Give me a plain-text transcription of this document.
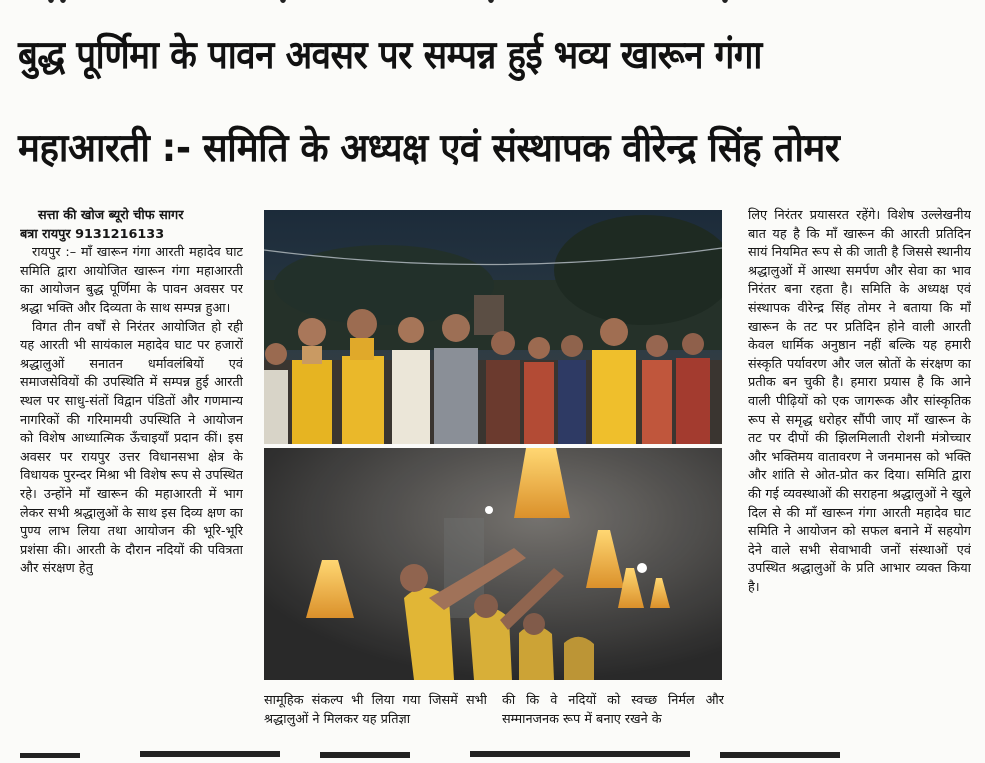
बुद्ध पूर्णिमा के पावन अवसर पर सम्पन्न हुई भव्य खारून गंगा
महाआरती :- समिति के अध्यक्ष एवं संस्थापक वीरेन्द्र सिंह तोमर

सत्ता की खोज ब्यूरो चीफ सागर

बत्रा रायपुर 9131216133

रायपुर :– माँ खारून गंगा आरती महादेव घाट समिति द्वारा आयोजित खारून गंगा महाआरती का आयोजन बुद्ध पूर्णिमा के पावन अवसर पर श्रद्धा भक्ति और दिव्यता के साथ सम्पन्न हुआ।

विगत तीन वर्षों से निरंतर आयोजित हो रही यह आरती भी सायंकाल महादेव घाट पर हजारों श्रद्धालुओं सनातन धर्मावलंबियों एवं समाजसेवियों की उपस्थिति में सम्पन्न हुई आरती स्थल पर साधु-संतों विद्वान पंडितों और गणमान्य नागरिकों की गरिमामयी उपस्थिति ने आयोजन को विशेष आध्यात्मिक ऊँचाइयाँ प्रदान कीं। इस अवसर पर रायपुर उत्तर विधानसभा क्षेत्र के विधायक पुरन्दर मिश्रा भी विशेष रूप से उपस्थित रहे। उन्होंने माँ खारून की महाआरती में भाग लेकर सभी श्रद्धालुओं के साथ इस दिव्य क्षण का पुण्य लाभ लिया तथा आयोजन की भूरि-भूरि प्रशंसा की। आरती के दौरान नदियों की पवित्रता और संरक्षण हेतु

सामूहिक संकल्प भी लिया गया जिसमें सभी श्रद्धालुओं ने मिलकर यह प्रतिज्ञा
की कि वे नदियों को स्वच्छ निर्मल और सम्मानजनक रूप में बनाए रखने के
लिए निरंतर प्रयासरत रहेंगे। विशेष उल्लेखनीय बात यह है कि माँ खारून की आरती प्रतिदिन सायं नियमित रूप से की जाती है जिससे स्थानीय श्रद्धालुओं में आस्था समर्पण और सेवा का भाव निरंतर बना रहता है। समिति के अध्यक्ष एवं संस्थापक वीरेन्द्र सिंह तोमर ने बताया कि माँ खारून के तट पर प्रतिदिन होने वाली आरती केवल धार्मिक अनुष्ठान नहीं बल्कि यह हमारी संस्कृति पर्यावरण और जल स्रोतों के संरक्षण का प्रतीक बन चुकी है। हमारा प्रयास है कि आने वाली पीढ़ियों को एक जागरूक और सांस्कृतिक रूप से समृद्ध धरोहर सौंपी जाए माँ खारून के तट पर दीपों की झिलमिलाती रोशनी मंत्रोच्चार और भक्तिमय वातावरण ने जनमानस को भक्ति और शांति से ओत-प्रोत कर दिया। समिति द्वारा की गई व्यवस्थाओं की सराहना श्रद्धालुओं ने खुले दिल से की माँ खारून गंगा आरती महादेव घाट समिति ने आयोजन को सफल बनाने में सहयोग देने वाले सभी सेवाभावी जनों संस्थाओं एवं उपस्थित श्रद्धालुओं के प्रति आभार व्यक्त किया है।
